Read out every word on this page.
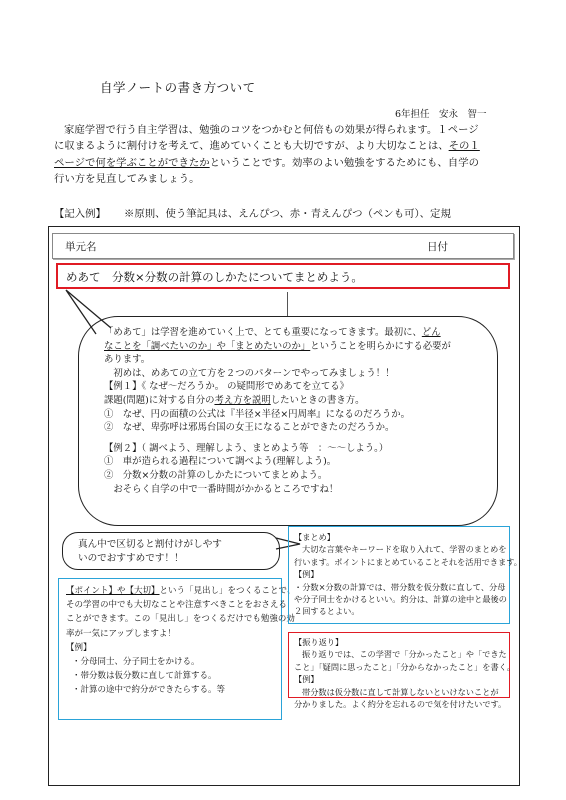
自学ノートの書き方ついて
6年担任　安永　智一

家庭学習で行う自主学習は、勉強のコツをつかむと何倍もの効果が得られます。１ページ

に収まるように割付けを考えて、進めていくことも大切ですが、より大切なことは、その１
ページで何を学ぶことができたかということです。効率のよい勉強をするためにも、自学の
行い方を見直してみましょう。
【記入例】 ※原則、使う筆記具は、えんぴつ、赤・青えんぴつ（ペンも可）、定規
単元名	日付
めあて　分数×分数の計算のしかたについてまとめよう。
「めあて」は学習を進めていく上で、とても重要になってきます。最初に、どん
なことを「調べたいのか」や「まとめたいのか」ということを明らかにする必要が
あります。
　初めは、めあての立て方を２つのパターンでやってみましょう！！
【例１】《 なぜ〜だろうか。 の疑問形でめあてを立てる》
課題(問題)に対する自分の考え方を説明したいときの書き方。
①　なぜ、円の面積の公式は『半径×半径×円周率』になるのだろうか。
②　なぜ、卑弥呼は邪馬台国の女王になることができたのだろうか。
【例２】（ 調べよう、理解しよう、まとめよう等　：〜〜しよう。）
①　車が造られる過程について調べよう(理解しよう)。
②　分数×分数の計算のしかたについてまとめよう。
　おそらく自学の中で一番時間がかかるところですね！
真ん中で区切ると割付けがしやす
いのでおすすめです！！
【ポイント】や【大切】という「見出し」をつくることで、
その学習の中でも大切なことや注意すべきことをおさえる
ことができます。この「見出し」をつくるだけでも勉強の効
率が一気にアップしますよ！
【例】
・分母同士、分子同士をかける。
・帯分数は仮分数に直して計算する。
・計算の途中で約分ができたらする。等
【まとめ】
大切な言葉やキーワードを取り入れて、学習のまとめを
行います。ポイントにまとめていることそれを活用できます。
【例】
・分数×分数の計算では、帯分数を仮分数に直して、分母
や分子同士をかけるといい。約分は、計算の途中と最後の
２回するとよい。
【振り返り】
振り返りでは、この学習で「分かったこと」や「できた
こと」「疑問に思ったこと」「分からなかったこと」を書く。
【例】
帯分数は仮分数に直して計算しないといけないことが
分かりました。よく約分を忘れるので気を付けたいです。
